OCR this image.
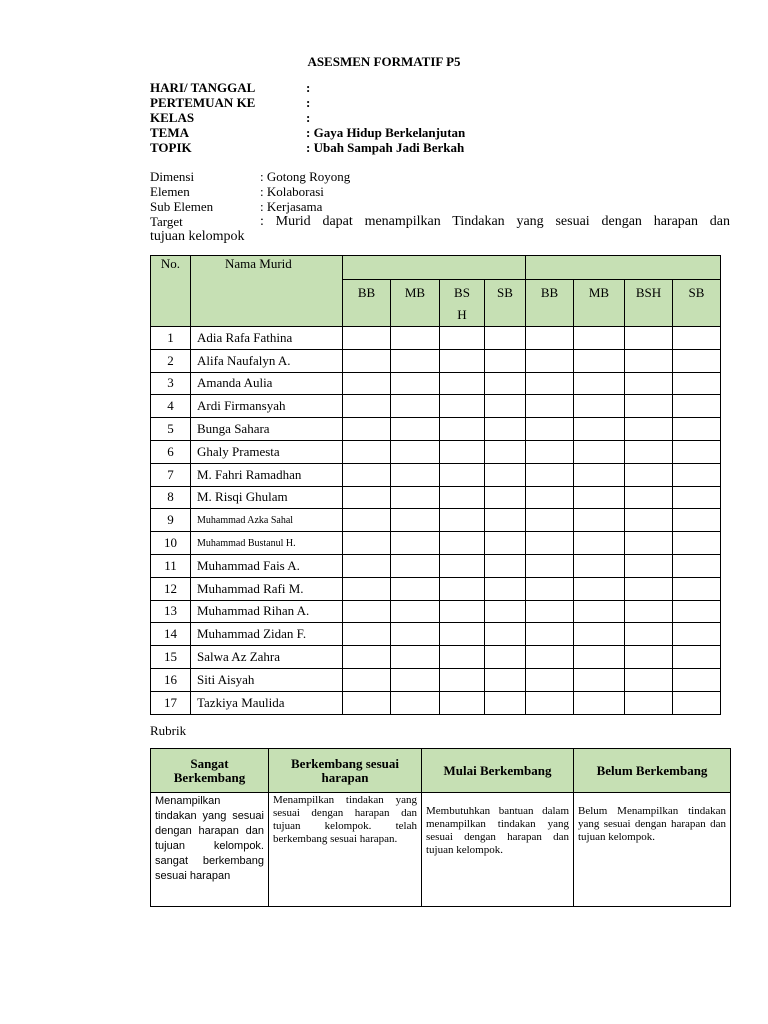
ASESMEN FORMATIF P5
HARI/ TANGGAL	:
PERTEMUAN KE	:
KELAS	:
TEMA	: Gaya Hidup Berkelanjutan
TOPIK	: Ubah Sampah Jadi Berkah
Dimensi	: Gotong Royong
Elemen	: Kolaborasi
Sub Elemen	: Kerjasama
Target	: Murid dapat menampilkan Tindakan yang sesuai dengan harapan dan
tujuan kelompok
No.	Nama Murid								
		BB	MB	BS
H	SB	BB	MB	BSH	SB
1	Adia Rafa Fathina								
2	Alifa Naufalyn A.								
3	Amanda Aulia								
4	Ardi Firmansyah								
5	Bunga Sahara								
6	Ghaly Pramesta								
7	M. Fahri Ramadhan								
8	M. Risqi Ghulam								
9	Muhammad Azka Sahal								
10	Muhammad Bustanul H.								
11	Muhammad Fais A.								
12	Muhammad Rafi M.								
13	Muhammad Rihan A.								
14	Muhammad Zidan F.								
15	Salwa Az Zahra								
16	Siti Aisyah								
17	Tazkiya Maulida								
Rubrik
Sangat Berkembang	Berkembang sesuai harapan	Mulai Berkembang	Belum Berkembang
Menampilkan tindakan yang sesuai dengan harapan dan tujuan kelompok. sangat berkembang sesuai harapan	Menampilkan tindakan yang sesuai dengan harapan dan tujuan kelompok. telah berkembang sesuai harapan.	Membutuhkan bantuan dalam menampilkan tindakan yang sesuai dengan harapan dan tujuan kelompok.	Belum Menampilkan tindakan yang sesuai dengan harapan dan tujuan kelompok.
